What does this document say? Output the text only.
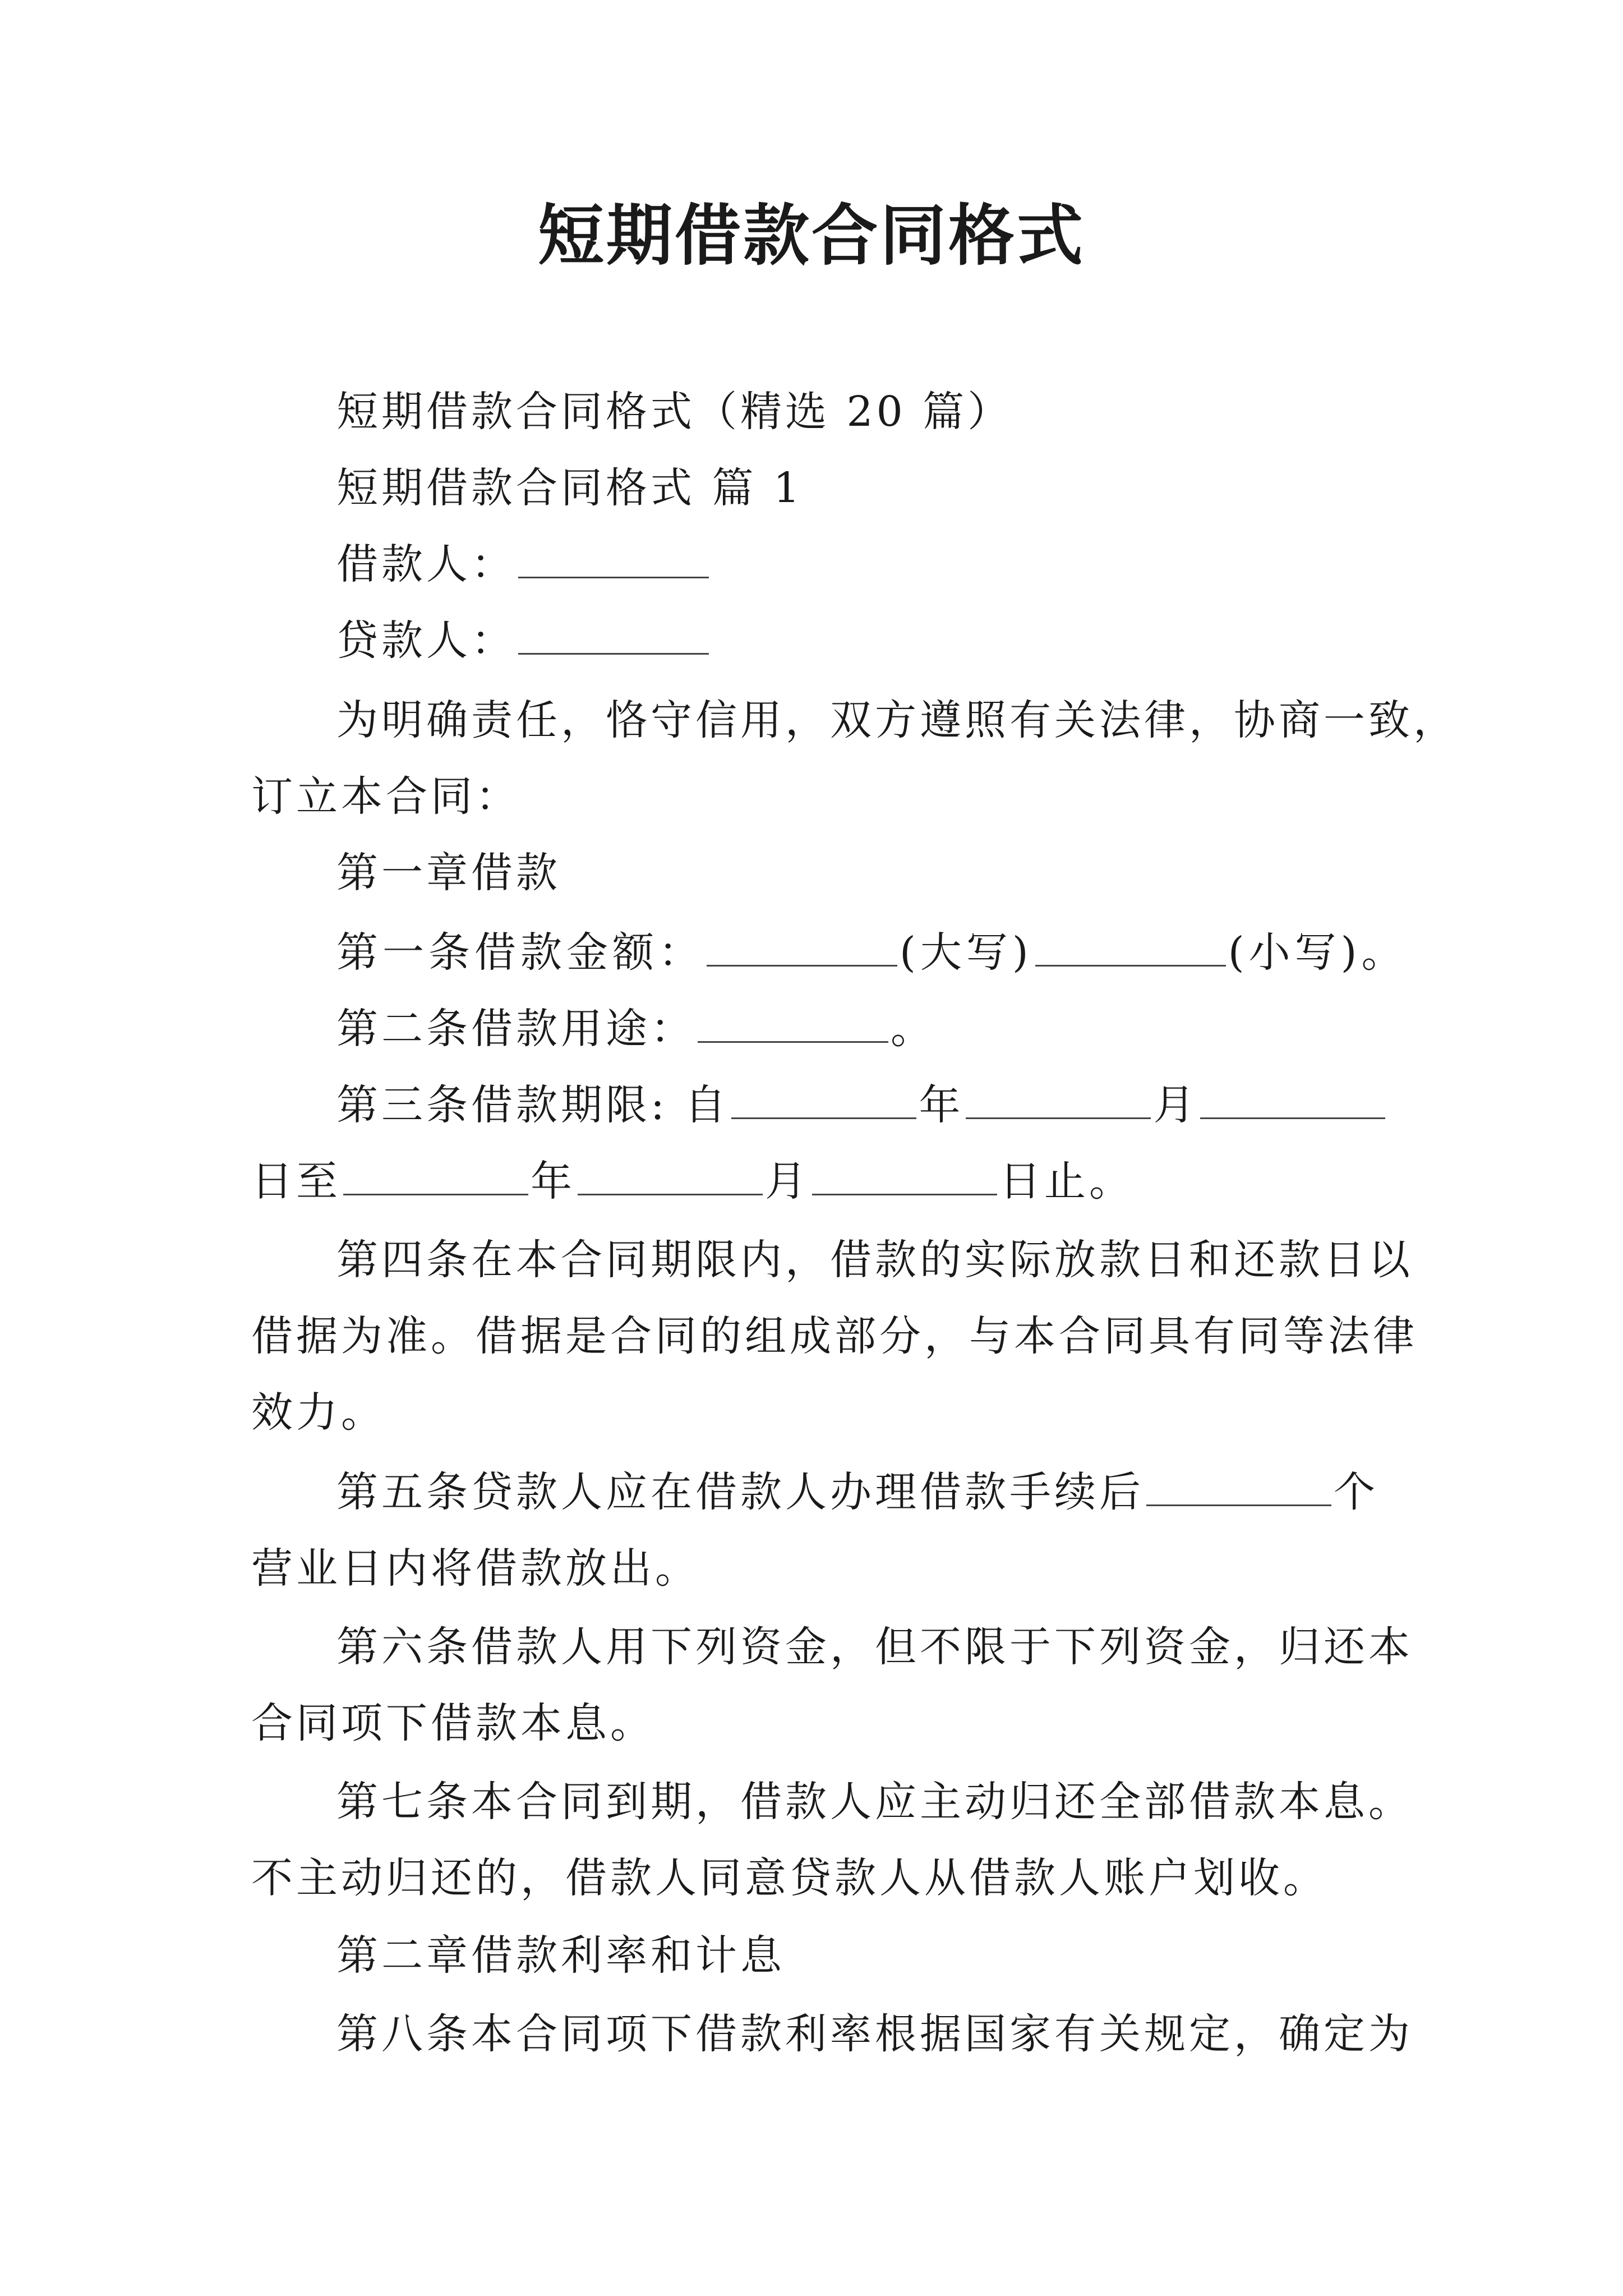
短期借款合同格式
短期借款合同格式（精选 20 篇）
短期借款合同格式 篇 1
借款人：
贷款人：
为明确责任，恪守信用，双方遵照有关法律，协商一致，
订立本合同：
第一章借款
第一条借款金额：	(大写)	(小写)。
第二条借款用途：	。
第三条借款期限: 自	年	月
日至	年	月	日止。
第四条在本合同期限内，借款的实际放款日和还款日以
借据为准。借据是合同的组成部分，与本合同具有同等法律
效力。
第五条贷款人应在借款人办理借款手续后	个
营业日内将借款放出。
第六条借款人用下列资金，但不限于下列资金，归还本
合同项下借款本息。
第七条本合同到期，借款人应主动归还全部借款本息。
不主动归还的，借款人同意贷款人从借款人账户划收。
第二章借款利率和计息
第八条本合同项下借款利率根据国家有关规定，确定为
